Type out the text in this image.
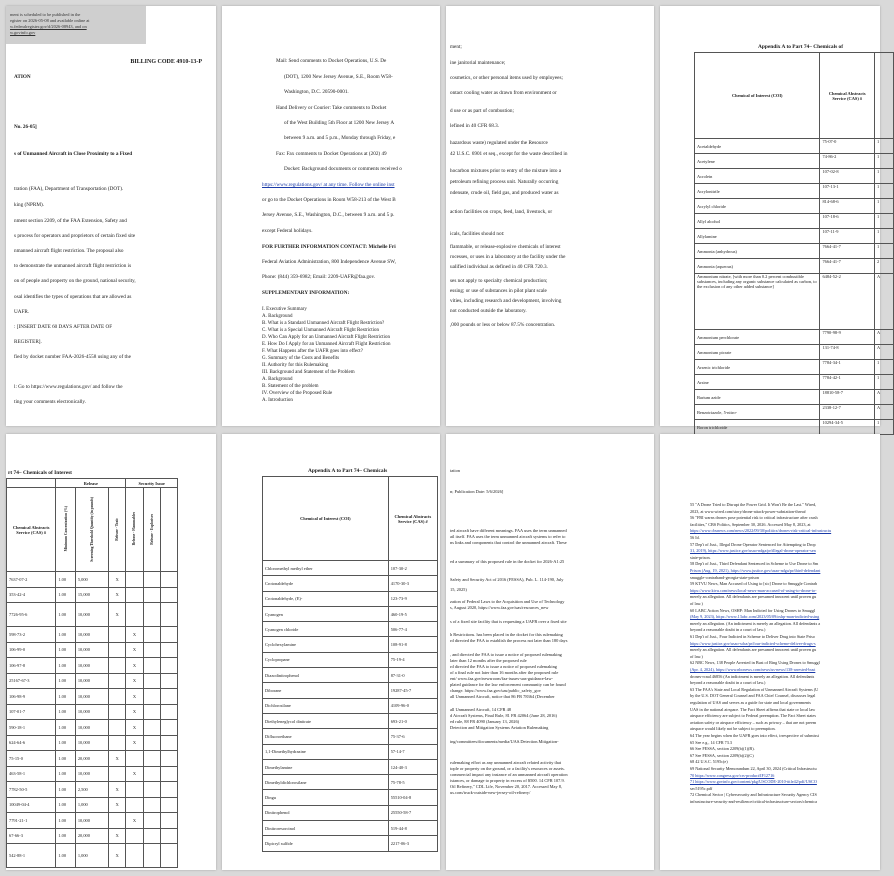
ment is scheduled to be published in the
egister on 2026-05-08 and available online at
w.federalregister.gov/d/2026-08943, and on
w.govinfo.gov
BILLING CODE 4910-13-P
ATION
No. 26-05]
s of Unmanned Aircraft in Close Proximity to a Fixed
tration (FAA), Department of Transportation (DOT).
king (NPRM).
nment section 2209, of the FAA Extension, Safety and
s process for operators and proprietors of certain fixed site
nmanned aircraft flight restriction. The proposal also
to demonstrate the unmanned aircraft flight restriction is
on of people and property on the ground, national security,
osal identifies the types of operations that are allowed as
UAFR.
: [INSERT DATE 60 DAYS AFTER DATE OF
REGISTER].
fied by docket number FAA-2026-4558 using any of the
l: Go to https://www.regulations.gov/ and follow the
ting your comments electronically.
Mail: Send comments to Docket Operations, U.S. De
(DOT), 1200 New Jersey Avenue, S.E., Room W58-
Washington, D.C. 20590-0001.
Hand Delivery or Courier: Take comments to Docket
of the West Building 5th Floor at 1200 New Jersey A
between 9 a.m. and 5 p.m., Monday through Friday, e
Fax: Fax comments to Docket Operations at (202) 49
Docket: Background documents or comments received o
https://www.regulations.gov/ at any time. Follow the online inst
or go to the Docket Operations in Room W58-213 of the West B
Jersey Avenue, S.E., Washington, D.C., between 9 a.m. and 5 p.
except Federal holidays.
FOR FURTHER INFORMATION CONTACT: Michelle Fri
Federal Aviation Administration, 800 Independence Avenue SW,
Phone: (844) 359-6982; Email: 2209-UAFR@faa.gov.
SUPPLEMENTARY INFORMATION:
I. Executive Summary
A. Background
B. What is a Standard Unmanned Aircraft Flight Restriction?
C. What is a Special Unmanned Aircraft Flight Restriction
D. Who Can Apply for an Unmanned Aircraft Flight Restriction
E. How Do I Apply for an Unmanned Aircraft Flight Restriction
F. What Happens after the UAFR goes into effect?
G. Summary of the Costs and Benefits
II. Authority for this Rulemaking
III. Background and Statement of the Problem
A. Background
B. Statement of the problem
IV. Overview of the Proposed Rule
A. Introduction
ment;
ine janitorial maintenance;
cosmetics, or other personal items used by employees;
ontact cooling water as drawn from environment or
d use or as part of combustion;
lefined in 40 CFR 68.3.
hazardous waste) regulated under the Resource
42 U.S.C. 6901 et seq., except for the waste described in
hocarbon mixtures prior to entry of the mixture into a
petroleum refining process unit. Naturally occurring
ndensate, crude oil, field gas, and produced water as
action facilities on crops, feed, land, livestock, or
icals, facilities should not:
flammable, or release-explosive chemicals of interest
rocesses, or uses in a laboratory at the facility under the
ualified individual as defined in 40 CFR 720.3.
ses not apply to specialty chemical production;
essing; or use of substances in pilot plant scale
vities, including research and development, involving
not conducted outside the laboratory.
,000 pounds or less or below 87.5% concentration.
Appendix A to Part 74– Chemicals of
Chemical of Interest (COI)	Chemical Abstracts Service (CAS) #	
Acetaldehyde	75-07-0	1
Acetylene	74-86-2	1
Acrolein	107-02-8	1
Acrylonitrile	107-13-1	1
Acrylyl chloride	814-68-6	1
Allyl alcohol	107-18-6	1
Allylamine	107-11-9	1
Ammonia (anhydrous)	7664-41-7	1
Ammonia (aqueous)	7664-41-7	2
Ammonium nitrate, [with more than 0.2 percent combustible substances, including any organic substance calculated as carbon, to the exclusion of any other added substance]	6484-52-2	A
Ammonium perchlorate	7790-98-9	A
Ammonium picrate	131-74-8	A
Arsenic trichloride	7784-34-1	1
Arsine	7784-42-1	1
Barium azide	18810-58-7	A
Benzotriazole, 5-nitro-	2338-12-7	A
Boron trichloride	10294-34-5	1
rt 74– Chemicals of Interest
	Release			Security Issue		
Chemical Abstracts Service (CAS) #	Minimum Concentration (%)	Screening Threshold Quantity (in pounds)	Release - Toxic	Release - Flammables	Release - Explosives	
7637-07-2	1.00	5,000	X			
353-42-4	1.00	15,000	X			
7726-95-6	1.00	10,000	X			
598-73-2	1.00	10,000		X		
106-99-0	1.00	10,000		X		
106-97-8	1.00	10,000		X		
25167-67-3	1.00	10,000		X		
106-98-9	1.00	10,000		X		
107-01-7	1.00	10,000		X		
590-18-1	1.00	10,000		X		
624-64-6	1.00	10,000		X		
75-15-0	1.00	20,000	X			
463-58-1	1.00	10,000		X		
7782-50-5	1.00	2,500	X			
10049-04-4	1.00	1,000	X			
7791-21-1	1.00	10,000		X		
67-66-3	1.00	20,000	X			
542-88-1	1.00	1,000	X			
Appendix A to Part 74– Chemicals
Chemical of Interest (COI)	Chemical Abstracts Service (CAS) #
Chloromethyl methyl ether	107-30-2
Crotonaldehyde	4170-30-3
Crotonaldehyde, (E)-	123-73-9
Cyanogen	460-19-5
Cyanogen chloride	506-77-4
Cyclohexylamine	108-91-8
Cyclopropane	75-19-4
Diazodinitrophenol	87-31-0
Diborane	19287-45-7
Dichlorosilane	4109-96-0
Diethyleneglycol dinitrate	693-21-0
Difluoroethane	75-37-6
1,1-Dimethylhydrazine	57-14-7
Dimethylamine	124-40-3
Dimethyldichlorosilane	75-78-5
Dingu	55510-04-8
Dinitrophenol	25550-58-7
Dinitroresorcinol	519-44-8
Dipicryl sulfide	2217-06-3
tation
n; Publication Date: 5/6/2026]
ted aircraft have different meanings. FAA uses the term unmanned
ail itself. FAA uses the term unmanned aircraft systems to refer to
ns links and components that control the unmanned aircraft. These
ed a summary of this proposed rule in the docket for 2026-A1:25
Safety and Security Act of 2016 (FESSA), Pub. L. 114-190, July
15, 2025)
zation of Federal Laws to the Acquisition and Use of Technology
s, August 2020, https://www.faa.gov/uas/resources_new
s of a fixed site facility that is requesting a UAFR over a fixed site
h Restrictions. has been placed in the docket for this rulemaking
rd directed the FAA to establish the process not later than 180 days
, and directed the FAA to issue a notice of proposed rulemaking
later than 12 months after the proposed rule
rd directed the FAA to issue a notice of proposed rulemaking
of a final rule not later than 16 months after the proposed rule
ent/ www.faa.gov/newsroom/faa-issues-uas-guidance-law-
plated guidance for the law enforcement community can be found
change. https://www.faa.gov/uas/public_safety_gov
all Unmanned Aircraft, notice that 86 FR 78364 (December
all Unmanned Aircraft, 14 CFR 48
d Aircraft Systems, Final Rule, 81 FR 42064 (June 28, 2016)
ed rule, 88 FR 4090 (January 13, 2026)
Detection and Mitigation Systems Aviation Rulemaking
ing/committees/documents/media/UAS.Detection.Mitigation-
rulemaking effort as any unmanned aircraft related activity that
tople or property on the ground, or a facility's resources or assets.
commercial impact any instance of an unmanned aircraft operation
istances, or damage to property in excess of $500. 14 CFR 107.9.
Oil Refinery," CDL Life, November 20, 2017. Accessed May 8,
us.com/truck-outside-new-jersey-oil-refinery/
55 "A Drone Tried to Disrupt the Power Grid. It Won't Be the Last." Wired,
2023, at www.wired.com/story/drone-attack-power-substation-threat/
56 "FBI warns drones pose potential risk to critical infrastructure after crash
facilities," CBS Politics, September 30, 2026. Accessed May 8, 2023, at
https://www.cbsnews.com/news/2022/09/30/politics/drones-risk-critical-infrastructu
56 Id.
57 Dep't of Just., Illegal Drone Operator Sentenced for Attempting to Drop
31, 2019), https://www.justice.gov/usao-ndga/pr/illegal-drone-operator-sen
state-prison.
58 Dep't of Just., Third Defendant Sentenced in Scheme to Use Drone to Sm
Prison (Aug. 19, 2021), https://www.justice.gov/usao-ndga/pr/third-defendant
smuggle-contraband-georgia-state-prison
59 KTVU News, Man Accused of Using to [sic] Drone to Smuggle Contrab
https://www.ktvu.com/news/local-news-man-accused-of-using-to-drone-to-
merely an allegation. All defendants are presumed innocent until proven gu
of law.)
60 LABC Action News, OSHP: Man Indicted for Using Drones to Smuggl
(May 9, 2023), https://www.13abc.com/2023/05/09/oshp-man-indicted-using
merely an allegation. (An indictment is merely an allegation. All defendants a
beyond a reasonable doubt in a court of law.)
61 Dep't of Just., Four Indicted in Scheme to Deliver Drug into State Priso
https://www.justice.gov/usao-sdca/pr/four-indicted-scheme-deliver-drugs-s
merely an allegation. All defendants are presumed innocent until proven gu
of law.)
62 NBC News, 138 People Arrested in Bust of Ring Using Drones to Smuggl
(Apr. 4, 2024), https://www.nbcnews.com/news/us-news/138-arrested-bust
drones-rcna146856 (An indictment is merely an allegation. All defendants
beyond a reasonable doubt in a court of law.)
63 The FAA's State and Local Regulation of Unmanned Aircraft Systems (U
by the U.S. DOT General Counsel and FAA Chief Counsel, discusses legal
regulation of UAS and serves as a guide for state and local governments
UAS in the national airspace. The Fact Sheet affirms that state or local law
airspace efficiency are subject to Federal preemption. The Fact Sheet states
aviation safety or airspace efficiency – such as privacy – that are not preem
airspace would likely not be subject to preemption.
64 The year begins when the UAFR goes into effect, irrespective of submissi
65 See e.g., 14 CFR 73.3
66 See FESSA, section 2209(b)(1)(B).
67 See FESSA, section 2209(b)(2)(C)
68 42 U.S.C. 5195c(e)
69 National Security Memorandum 22, April 30, 2024 (Critical Infrastructu
70 https://www.congress.gov/crs-product/IF12716
71 https://www.govinfo.gov/content/pkg/USCODE-2010-title42/pdf/USCO
sec5195c.pdf
72 Chemical Sector | Cybersecurity and Infrastructure Security Agency CIS
infrastructure-security-and-resilience/critical-infrastructure-sectors/chemica
